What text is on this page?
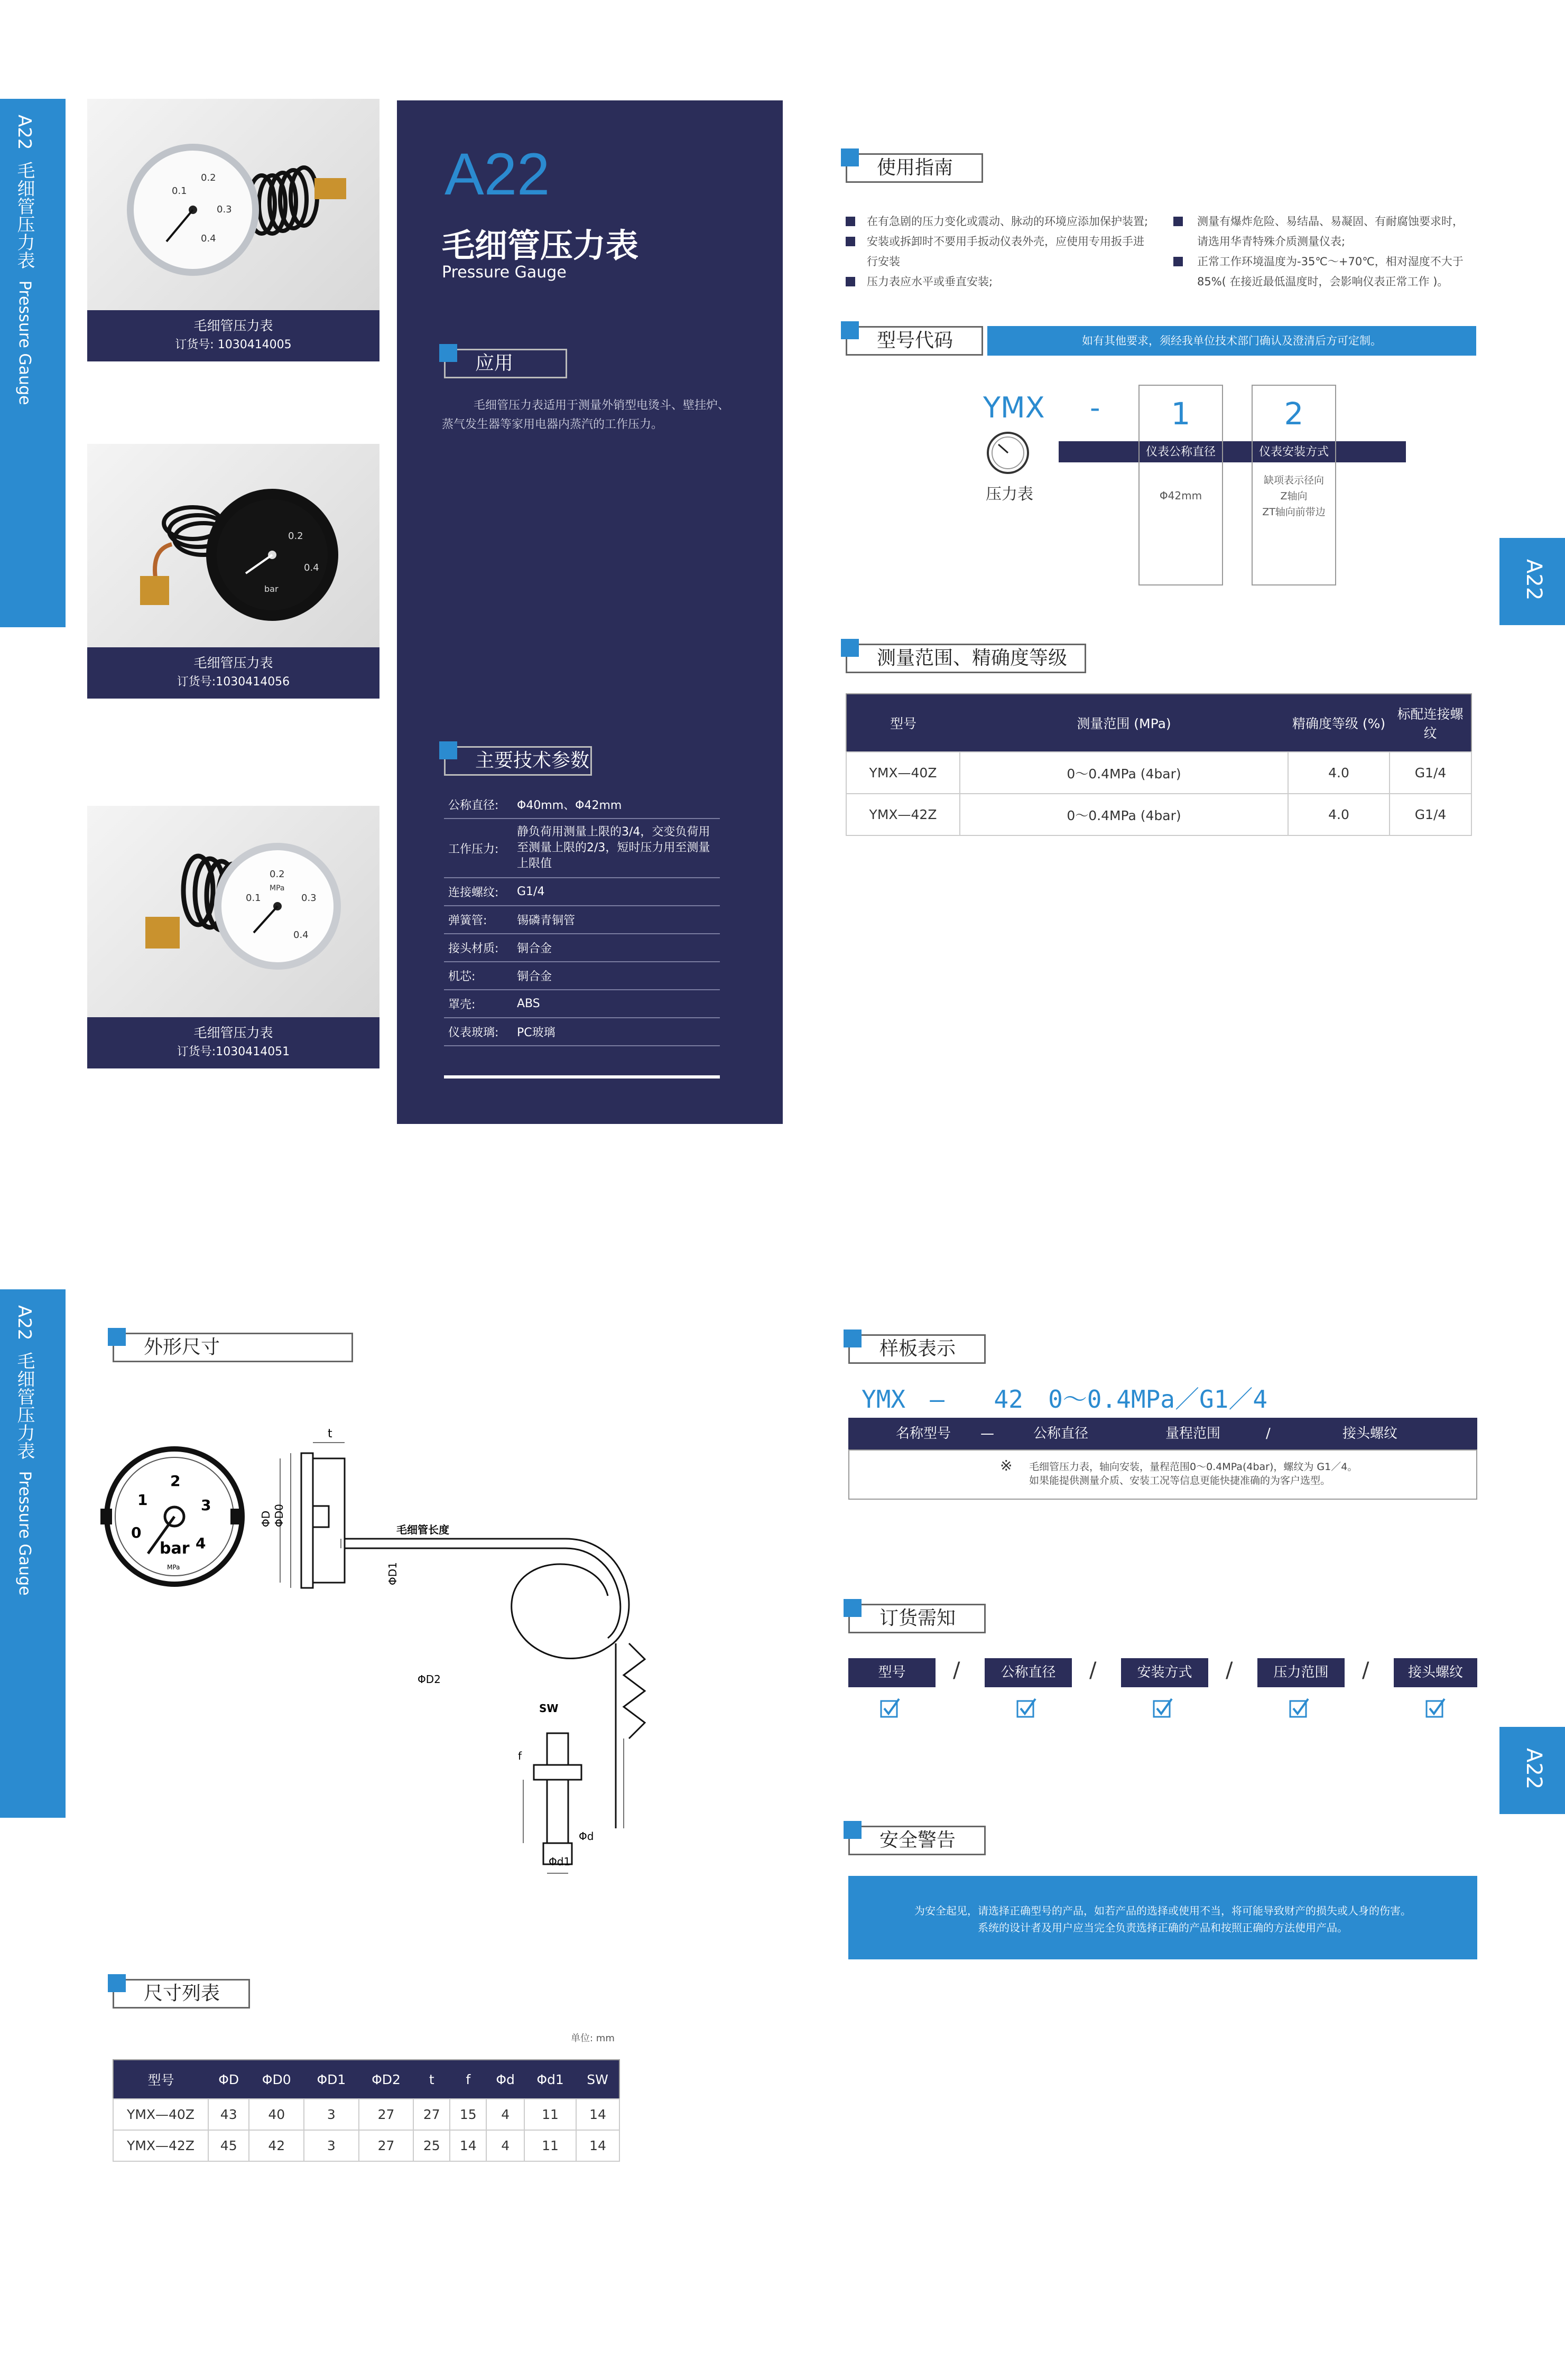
A22  毛细管压力表  Pressure Gauge
0.1
0.2
0.3
0.4
毛细管压力表
订货号: 1030414005
0.2
0.4
bar
毛细管压力表
订货号:1030414056
0.1
0.2
0.3
0.4
MPa
毛细管压力表
订货号:1030414051
A22
毛细管压力表
Pressure Gauge
应用
毛细管压力表适用于测量外销型电烫斗、壁挂炉、蒸气发生器等家用电器内蒸汽的工作压力。
主要技术参数
公称直径:	Φ40mm、Φ42mm
工作压力:	静负荷用测量上限的3/4，交变负荷用至测量上限的2/3，短时压力用至测量上限值
连接螺纹:	G1/4
弹簧管:	锡磷青铜管
接头材质:	铜合金
机芯:	铜合金
罩壳:	ABS
仪表玻璃:	PC玻璃
使用指南
在有急剧的压力变化或震动、脉动的环境应添加保护装置;
安装或拆卸时不要用手扳动仪表外壳，应使用专用扳手进行安装
压力表应水平或垂直安装;
测量有爆炸危险、易结晶、易凝固、有耐腐蚀要求时，请选用华青特殊介质测量仪表;
正常工作环境温度为-35℃～+70℃，相对湿度不大于85%( 在接近最低温度时，会影响仪表正常工作 )。
型号代码	如有其他要求，须经我单位技术部门确认及澄清后方可定制。
YMX -
压力表
1
仪表公称直径
Φ42mm
2
仪表安装方式
缺项表示径向
Z轴向
ZT轴向前带边
A22
测量范围、精确度等级
型号	测量范围 (MPa)	精确度等级 (%)	标配连接螺纹
YMX—40Z	0～0.4MPa (4bar)	4.0	G1/4
YMX—42Z	0～0.4MPa (4bar)	4.0	G1/4
A22  毛细管压力表  Pressure Gauge
外形尺寸
0
1
2
3
4
bar
MPa
t
ΦD ΦD0
毛细管长度
ΦD1
ΦD2
SW
f
Φd
Φd1
尺寸列表
单位: mm
型号	ΦD	ΦD0	ΦD1	ΦD2	t	f	Φd	Φd1	SW
YMX—40Z	43	40	3	27	27	15	4	11	14
YMX—42Z	45	42	3	27	25	14	4	11	14
样板表示
YMX — 42 0～0.4MPa／G1／4
名称型号 —	公称直径	量程范围	/	接头螺纹
※ 毛细管压力表，轴向安装，量程范围0～0.4MPa(4bar)，螺纹为 G1／4。
如果能提供测量介质、安装工况等信息更能快捷准确的为客户选型。
订货需知
型号	/	公称直径	/	安装方式	/	压力范围	/	接头螺纹
A22
安全警告
为安全起见，请选择正确型号的产品，如若产品的选择或使用不当，将可能导致财产的损失或人身的伤害。
系统的设计者及用户应当完全负责选择正确的产品和按照正确的方法使用产品。
